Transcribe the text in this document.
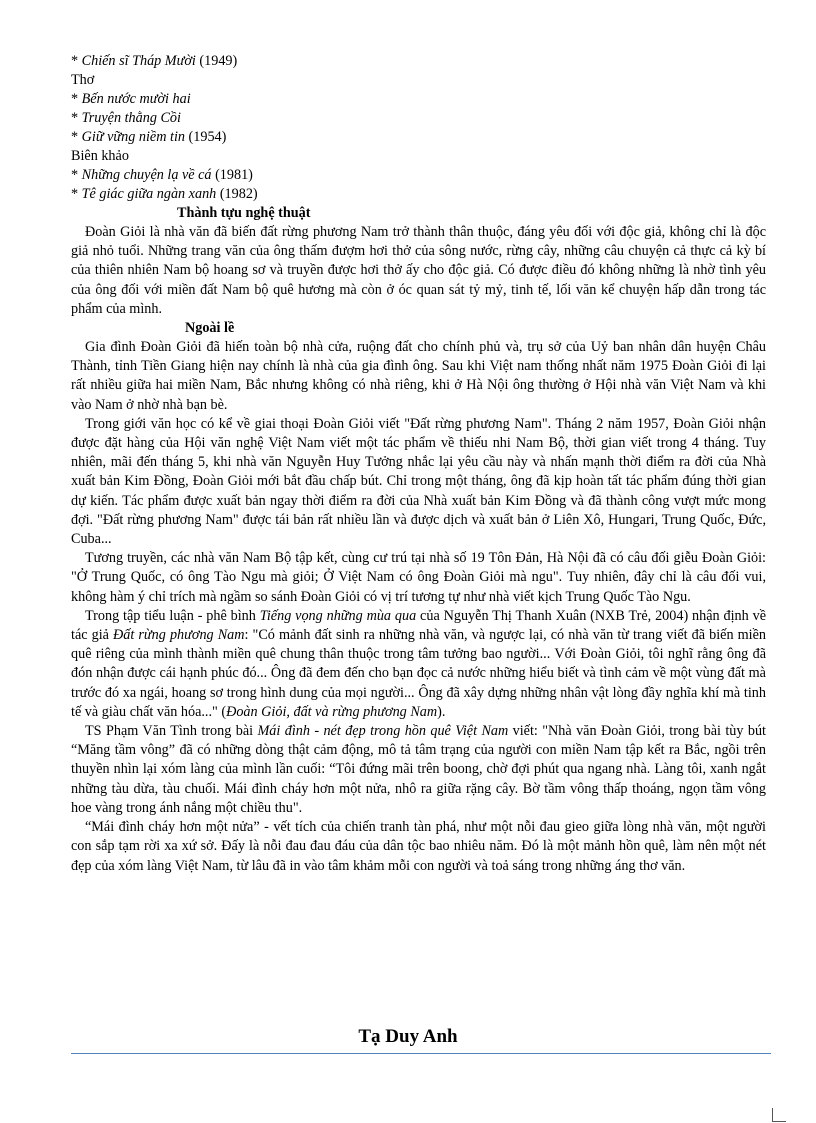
* Chiến sĩ Tháp Mười (1949)

Thơ

* Bến nước mười hai

* Truyện thằng Cồi

* Giữ vững niềm tin (1954)

Biên khảo

* Những chuyện lạ về cá (1981)

* Tê giác giữa ngàn xanh (1982)

Thành tựu nghệ thuật

Đoàn Giỏi là nhà văn đã biến đất rừng phương Nam trở thành thân thuộc, đáng yêu đối với độc giả, không chỉ là độc giả nhỏ tuổi. Những trang văn của ông thấm đượm hơi thở của sông nước, rừng cây, những câu chuyện cả thực cả kỳ bí của thiên nhiên Nam bộ hoang sơ và truyền được hơi thở ấy cho độc giả. Có được điều đó không những là nhờ tình yêu của ông đối với miền đất Nam bộ quê hương mà còn ở óc quan sát tỷ mỷ, tinh tế, lối văn kể chuyện hấp dẫn trong tác phẩm của mình.

Ngoài lề

Gia đình Đoàn Giỏi đã hiến toàn bộ nhà cửa, ruộng đất cho chính phủ và, trụ sở của Uỷ ban nhân dân huyện Châu Thành, tỉnh Tiền Giang hiện nay chính là nhà của gia đình ông. Sau khi Việt nam thống nhất năm 1975 Đoàn Giỏi đi lại rất nhiều giữa hai miền Nam, Bắc nhưng không có nhà riêng, khi ở Hà Nội ông thường ở Hội nhà văn Việt Nam và khi vào Nam ở nhờ nhà bạn bè.

Trong giới văn học có kể về giai thoại Đoàn Giỏi viết "Đất rừng phương Nam". Tháng 2 năm 1957, Đoàn Giỏi nhận được đặt hàng của Hội văn nghệ Việt Nam viết một tác phẩm về thiếu nhi Nam Bộ, thời gian viết trong 4 tháng. Tuy nhiên, mãi đến tháng 5, khi nhà văn Nguyễn Huy Tưởng nhắc lại yêu cầu này và nhấn mạnh thời điểm ra đời của Nhà xuất bản Kim Đồng, Đoàn Giỏi mới bắt đầu chấp bút. Chỉ trong một tháng, ông đã kịp hoàn tất tác phẩm đúng thời gian dự kiến. Tác phẩm được xuất bản ngay thời điểm ra đời của Nhà xuất bản Kim Đồng và đã thành công vượt mức mong đợi. "Đất rừng phương Nam" được tái bản rất nhiều lần và được dịch và xuất bản ở Liên Xô, Hungari, Trung Quốc, Đức, Cuba...

Tương truyền, các nhà văn Nam Bộ tập kết, cùng cư trú tại nhà số 19 Tôn Đản, Hà Nội đã có câu đối giễu Đoàn Giỏi: "Ở Trung Quốc, có ông Tào Ngu mà giỏi; Ở Việt Nam có ông Đoàn Giỏi mà ngu". Tuy nhiên, đây chỉ là câu đối vui, không hàm ý chỉ trích mà ngầm so sánh Đoàn Giỏi có vị trí tương tự như nhà viết kịch Trung Quốc Tào Ngu.

Trong tập tiểu luận - phê bình Tiếng vọng những mùa qua của Nguyễn Thị Thanh Xuân (NXB Trẻ, 2004) nhận định về tác giả Đất rừng phương Nam: "Có mảnh đất sinh ra những nhà văn, và ngược lại, có nhà văn từ trang viết đã biến miền quê riêng của mình thành miền quê chung thân thuộc trong tâm tưởng bao người... Với Đoàn Giỏi, tôi nghĩ rằng ông đã đón nhận được cái hạnh phúc đó... Ông đã đem đến cho bạn đọc cả nước những hiểu biết và tình cảm về một vùng đất mà trước đó xa ngái, hoang sơ trong hình dung của mọi người... Ông đã xây dựng những nhân vật lòng đầy nghĩa khí mà tinh tế và giàu chất văn hóa..." (Đoàn Giỏi, đất và rừng phương Nam).

TS Phạm Văn Tình trong bài Mái đình - nét đẹp trong hồn quê Việt Nam viết: "Nhà văn Đoàn Giỏi, trong bài tùy bút “Măng tầm vông” đã có những dòng thật cảm động, mô tả tâm trạng của người con miền Nam tập kết ra Bắc, ngồi trên thuyền nhìn lại xóm làng của mình lần cuối: “Tôi đứng mãi trên boong, chờ đợi phút qua ngang nhà. Làng tôi, xanh ngắt những tàu dừa, tàu chuối. Mái đình cháy hơn một nửa, nhô ra giữa rặng cây. Bờ tầm vông thấp thoáng, ngọn tầm vông hoe vàng trong ánh nắng một chiều thu".

“Mái đình cháy hơn một nửa” - vết tích của chiến tranh tàn phá, như một nỗi đau gieo giữa lòng nhà văn, một người con sắp tạm rời xa xứ sở. Đấy là nỗi đau đau đáu của dân tộc bao nhiêu năm. Đó là một mảnh hồn quê, làm nên một nét đẹp của xóm làng Việt Nam, từ lâu đã in vào tâm khảm mỗi con người và toả sáng trong những áng thơ văn.

Tạ Duy Anh
